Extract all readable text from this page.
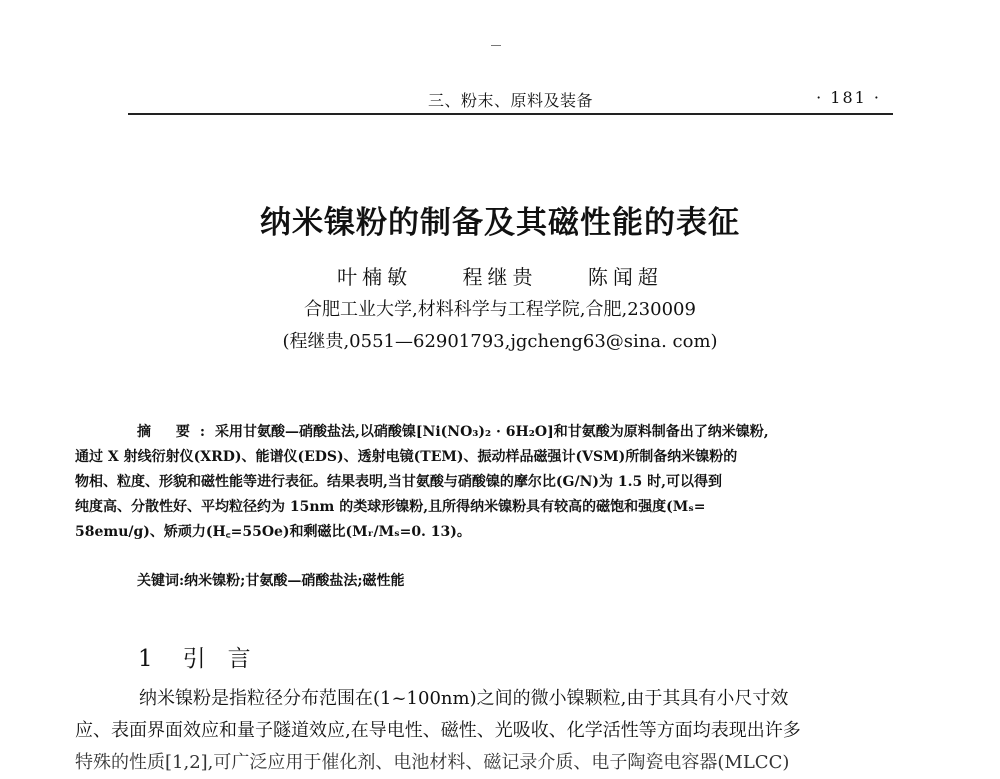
三、粉末、原料及装备	· 181 ·
纳米镍粉的制备及其磁性能的表征
叶楠敏	程继贵	陈闻超
合肥工业大学,材料科学与工程学院,合肥,230009
(程继贵,0551—62901793,jgcheng63@sina. com)

摘 要:采用甘氨酸—硝酸盐法,以硝酸镍[Ni(NO₃)₂ · 6H₂O]和甘氨酸为原料制备出了纳米镍粉,

通过 X 射线衍射仪(XRD)、能谱仪(EDS)、透射电镜(TEM)、振动样品磁强计(VSM)所制备纳米镍粉的

物相、粒度、形貌和磁性能等进行表征。结果表明,当甘氨酸与硝酸镍的摩尔比(G/N)为 1.5 时,可以得到

纯度高、分散性好、平均粒径约为 15nm 的类球形镍粉,且所得纳米镍粉具有较高的磁饱和强度(Mₛ=

58emu/g)、矫顽力(H꜀=55Oe)和剩磁比(Mᵣ/Mₛ=0. 13)。

关键词:纳米镍粉;甘氨酸—硝酸盐法;磁性能
1 引言

纳米镍粉是指粒径分布范围在(1~100nm)之间的微小镍颗粒,由于其具有小尺寸效

应、表面界面效应和量子隧道效应,在导电性、磁性、光吸收、化学活性等方面均表现出许多

特殊的性质[1,2],可广泛应用于催化剂、电池材料、磁记录介质、电子陶瓷电容器(MLCC)
